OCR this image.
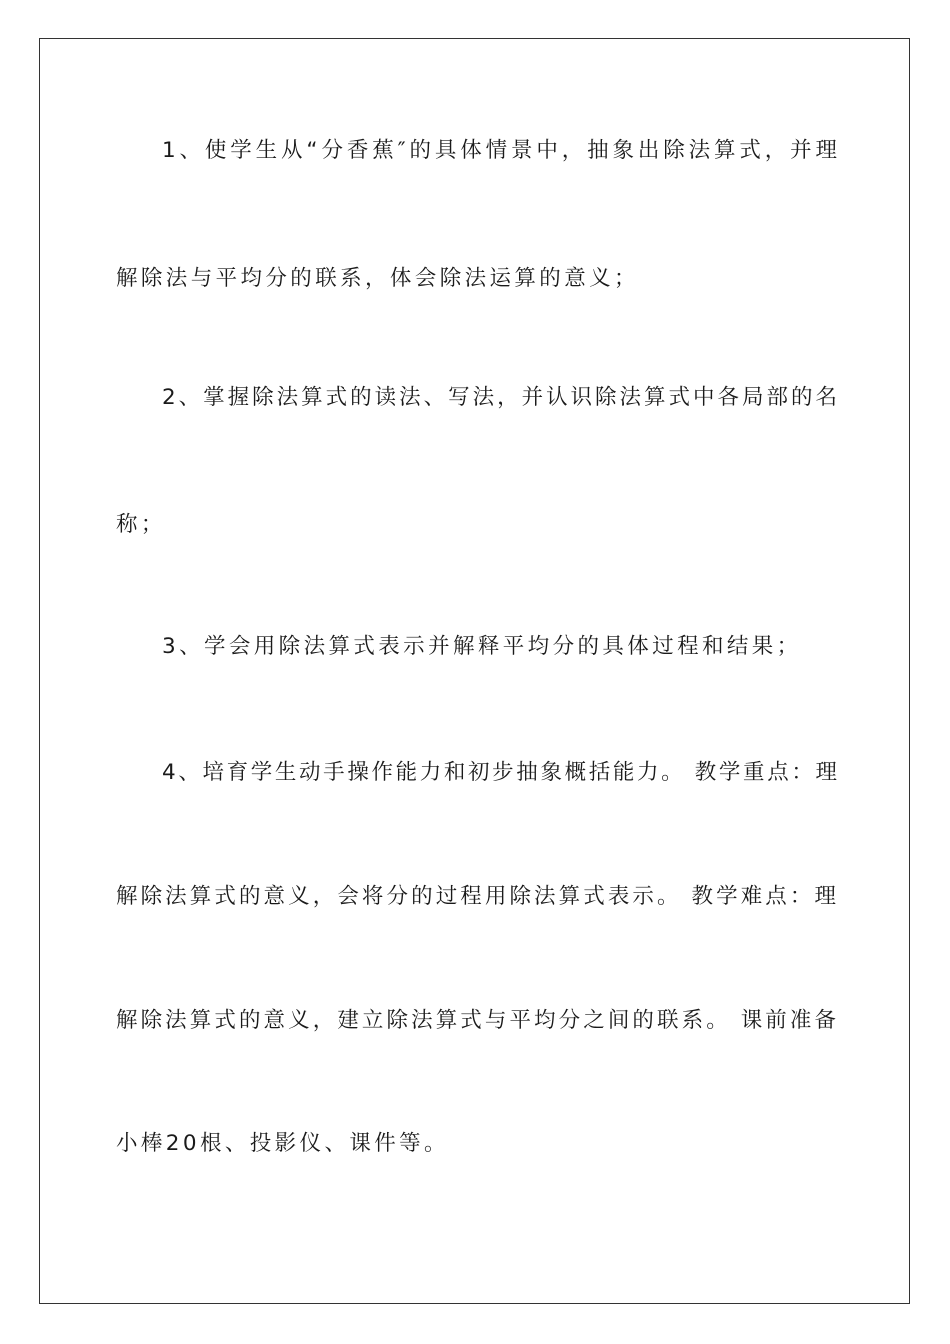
1、使学生从“分香蕉″的具体情景中，抽象出除法算式，并理
解除法与平均分的联系，体会除法运算的意义；
2、掌握除法算式的读法、写法，并认识除法算式中各局部的名
称；
3、学会用除法算式表示并解释平均分的具体过程和结果；
4、培育学生动手操作能力和初步抽象概括能力。 教学重点：理
解除法算式的意义，会将分的过程用除法算式表示。 教学难点：理
解除法算式的意义，建立除法算式与平均分之间的联系。 课前准备
小棒20根、投影仪、课件等。
